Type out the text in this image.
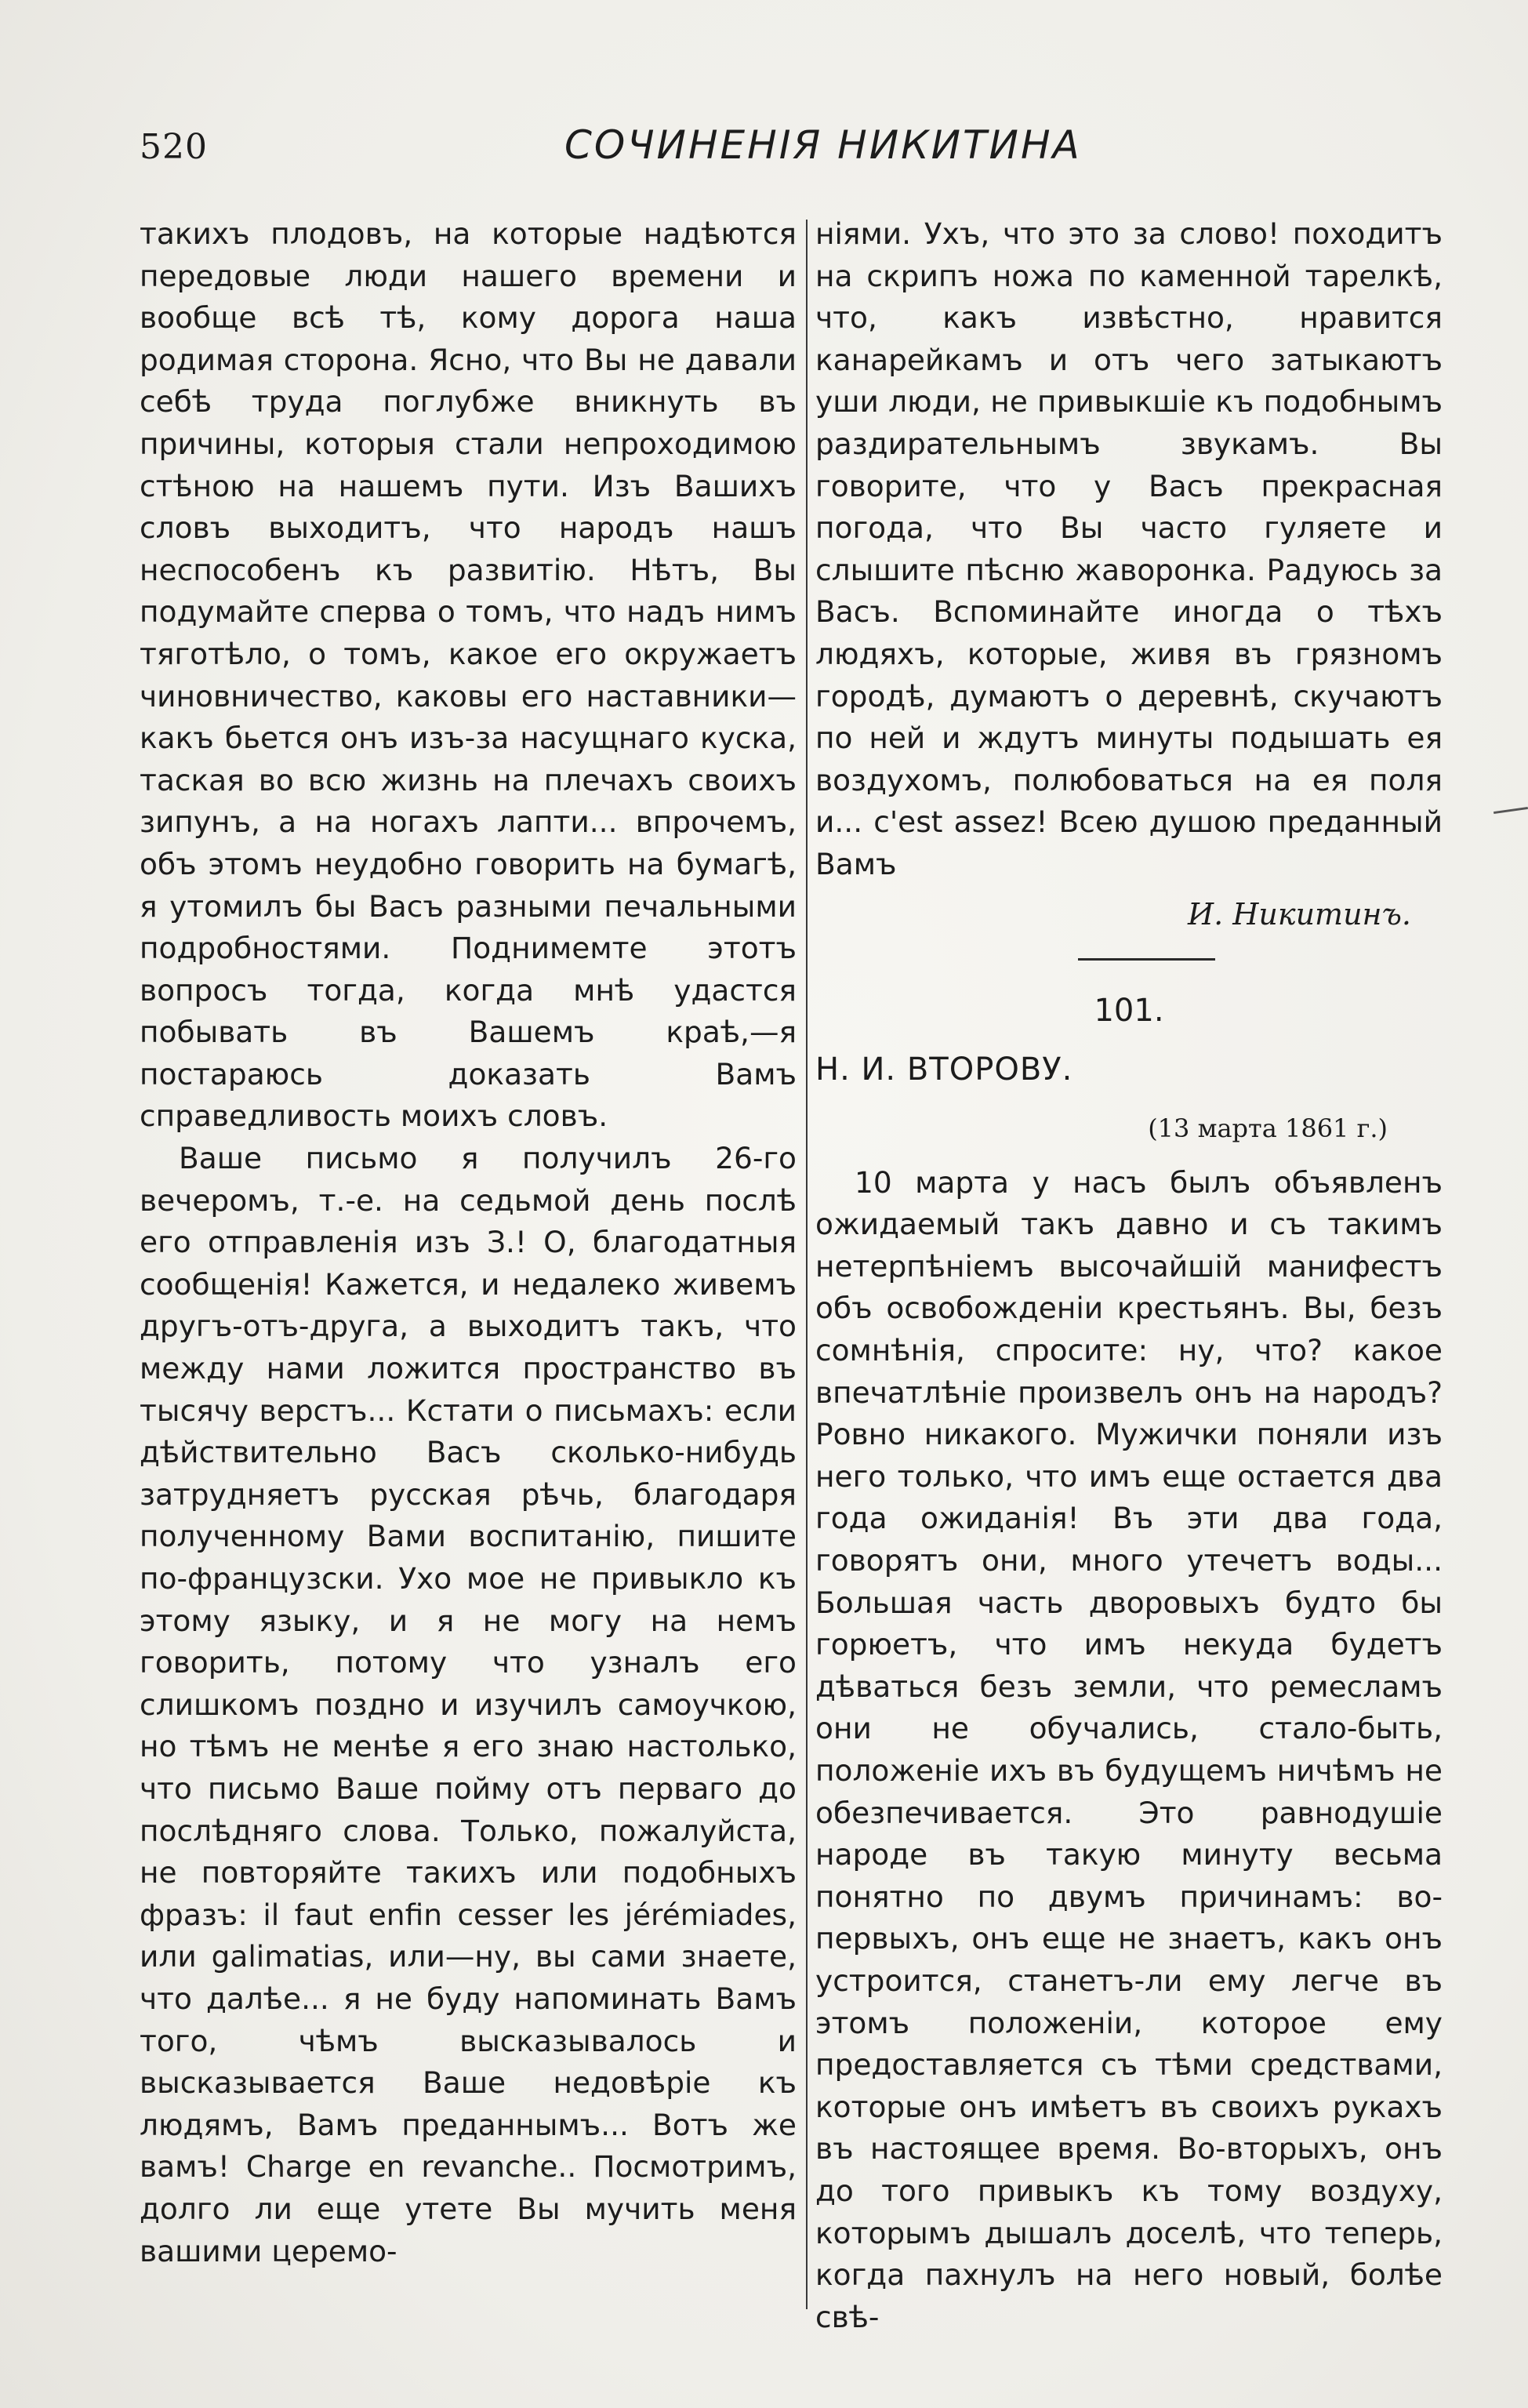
520	СОЧИНЕНІЯ НИКИТИНА

такихъ плодовъ, на которые надѣются передовые люди нашего времени и вообще всѣ тѣ, кому дорога наша родимая сторона. Ясно, что Вы не давали себѣ труда поглубже вникнуть въ причины, которыя стали непроходимою стѣною на нашемъ пути. Изъ Вашихъ словъ выходитъ, что народъ нашъ неспособенъ къ развитію. Нѣтъ, Вы подумайте сперва о томъ, что надъ нимъ тяготѣло, о томъ, какое его окружаетъ чиновничество, каковы его наставники—какъ бьется онъ изъ-за насущнаго куска, таская во всю жизнь на плечахъ своихъ зипунъ, а на ногахъ лапти... впрочемъ, объ этомъ неудобно говорить на бумагѣ, я утомилъ бы Васъ разными печальными подробностями. Поднимемте этотъ вопросъ тогда, когда мнѣ удастся побывать въ Вашемъ краѣ,—я постараюсь доказать Вамъ справедливость моихъ словъ.

Ваше письмо я получилъ 26-го вечеромъ, т.-е. на седьмой день послѣ его отправленія изъ З.! О, благодатныя сообщенія! Кажется, и недалеко живемъ другъ-отъ-друга, а выходитъ такъ, что между нами ложится пространство въ тысячу верстъ... Кстати о письмахъ: если дѣйствительно Васъ сколько-нибудь затрудняетъ русская рѣчь, благодаря полученному Вами воспитанію, пишите по-французски. Ухо мое не привыкло къ этому языку, и я не могу на немъ говорить, потому что узналъ его слишкомъ поздно и изучилъ самоучкою, но тѣмъ не менѣе я его знаю настолько, что письмо Ваше пойму отъ перваго до послѣдняго слова. Только, пожалуйста, не повторяйте такихъ или подобныхъ фразъ: il faut enfin cesser les jérémiades, или galimatias, или—ну, вы сами знаете, что далѣе... я не буду напоминать Вамъ того, чѣмъ высказывалось и высказывается Ваше недовѣріе къ людямъ, Вамъ преданнымъ... Вотъ же вамъ! Charge en revanche.. Посмотримъ, долго ли еще утете Вы мучить меня вашими церемо-

ніями. Ухъ, что это за слово! походитъ на скрипъ ножа по каменной тарелкѣ, что, какъ извѣстно, нравится канарейкамъ и отъ чего затыкаютъ уши люди, не привыкшіе къ подобнымъ раздирательнымъ звукамъ. Вы говорите, что у Васъ прекрасная погода, что Вы часто гуляете и слышите пѣсню жаворонка. Радуюсь за Васъ. Вспоминайте иногда о тѣхъ людяхъ, которые, живя въ грязномъ городѣ, думаютъ о деревнѣ, скучаютъ по ней и ждутъ минуты подышать ея воздухомъ, полюбоваться на ея поля и... c'est assez! Всею душою преданный Вамъ

И. Никитинъ.
101.
Н. И. ВТОРОВУ.
(13 марта 1861 г.)

10 марта у насъ былъ объявленъ ожидаемый такъ давно и съ такимъ нетерпѣніемъ высочайшій манифестъ объ освобожденіи крестьянъ. Вы, безъ сомнѣнія, спросите: ну, что? какое впечатлѣніе произвелъ онъ на народъ? Ровно никакого. Мужички поняли изъ него только, что имъ еще остается два года ожиданія! Въ эти два года, говорятъ они, много утечетъ воды... Большая часть дворовыхъ будто бы горюетъ, что имъ некуда будетъ дѣваться безъ земли, что ремесламъ они не обучались, стало-быть, положеніе ихъ въ будущемъ ничѣмъ не обезпечивается. Это равнодушіе народе въ такую минуту весьма понятно по двумъ причинамъ: во-первыхъ, онъ еще не знаетъ, какъ онъ устроится, станетъ-ли ему легче въ этомъ положеніи, которое ему предоставляется съ тѣми средствами, которые онъ имѣетъ въ своихъ рукахъ въ настоящее время. Во-вторыхъ, онъ до того привыкъ къ тому воздуху, которымъ дышалъ доселѣ, что теперь, когда пахнулъ на него новый, болѣе свѣ-
